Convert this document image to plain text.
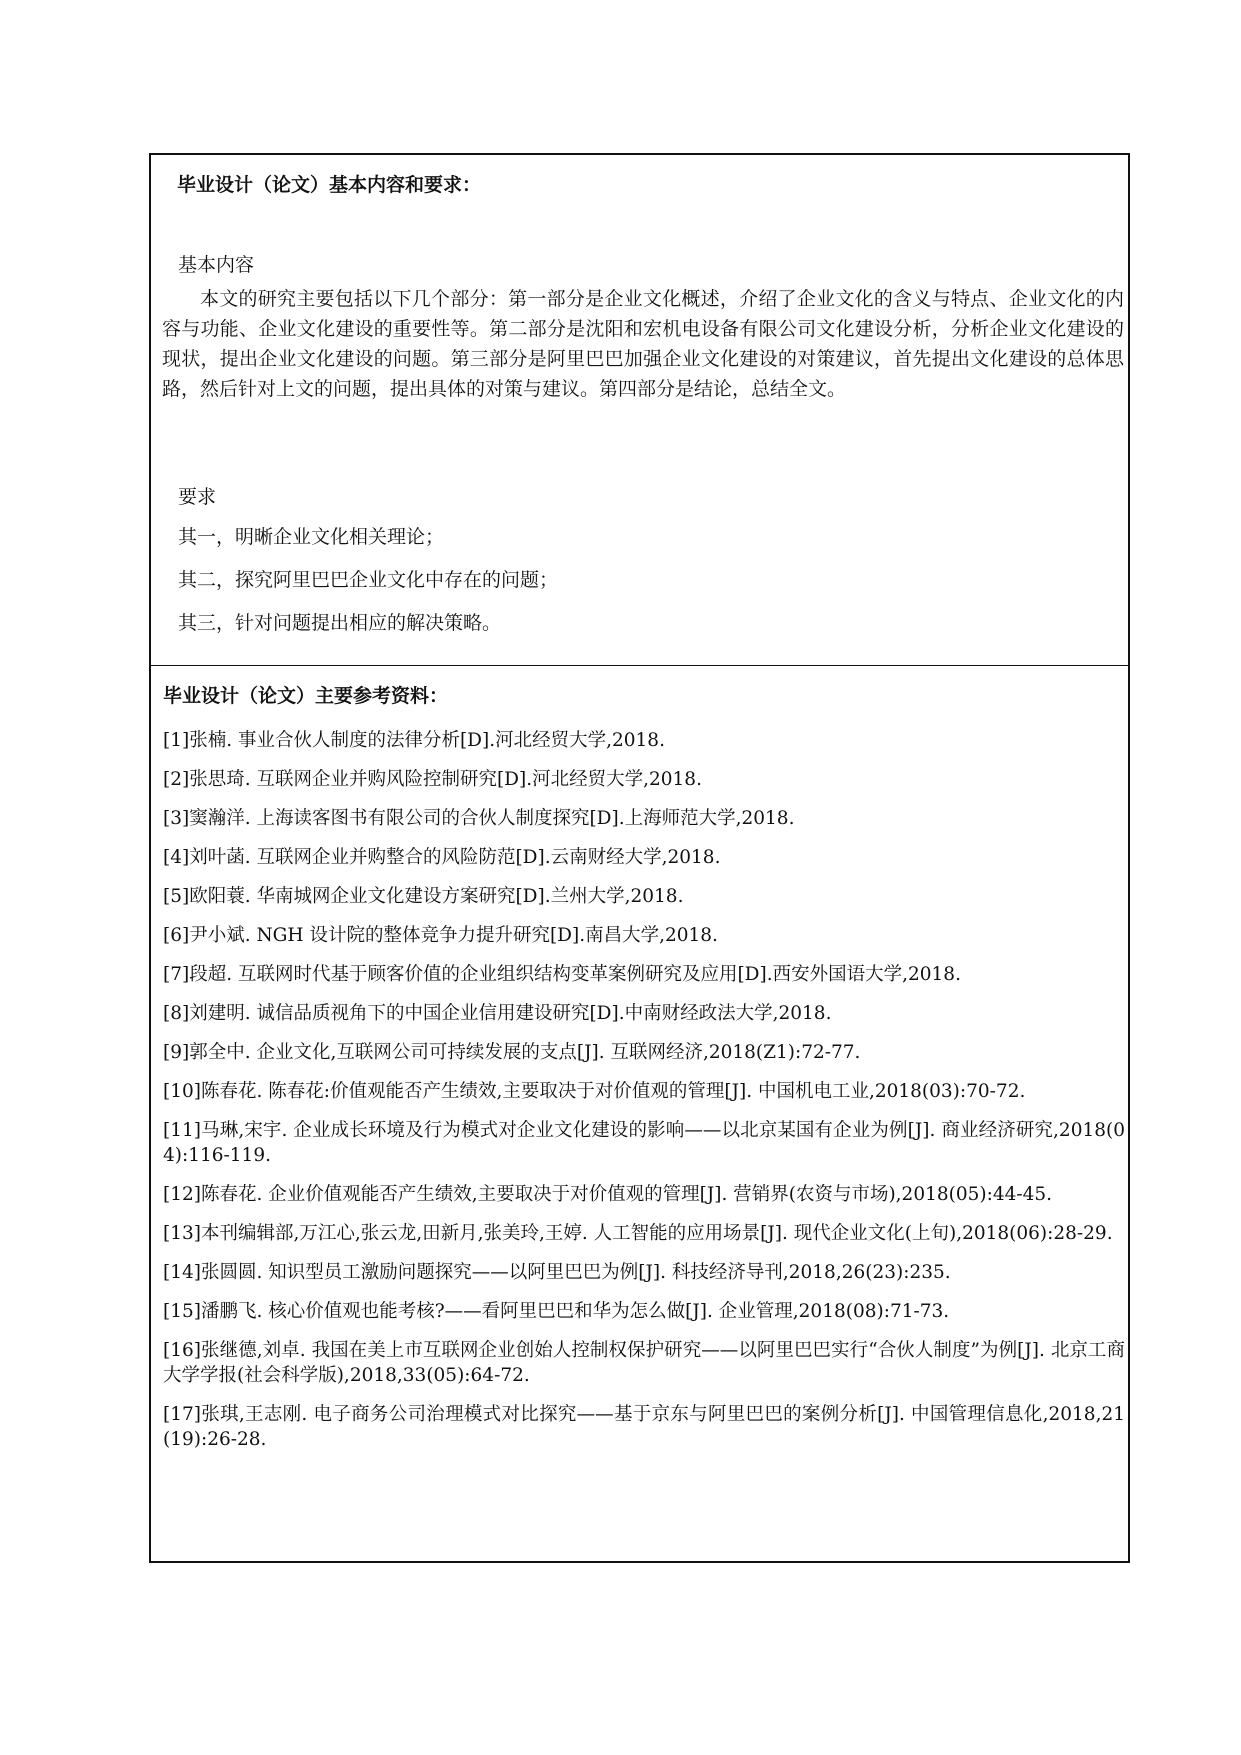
毕业设计（论文）基本内容和要求：
基本内容

本文的研究主要包括以下几个部分：第一部分是企业文化概述，介绍了企业文化的含义与特点、企业文化的内容与功能、企业文化建设的重要性等。第二部分是沈阳和宏机电设备有限公司文化建设分析，分析企业文化建设的现状，提出企业文化建设的问题。第三部分是阿里巴巴加强企业文化建设的对策建议，首先提出文化建设的总体思路，然后针对上文的问题，提出具体的对策与建议。第四部分是结论，总结全文。

要求
其一，明晰企业文化相关理论；
其二，探究阿里巴巴企业文化中存在的问题；
其三，针对问题提出相应的解决策略。
毕业设计（论文）主要参考资料：
[1]张楠. 事业合伙人制度的法律分析[D].河北经贸大学,2018.
[2]张思琦. 互联网企业并购风险控制研究[D].河北经贸大学,2018.
[3]窦瀚洋. 上海读客图书有限公司的合伙人制度探究[D].上海师范大学,2018.
[4]刘叶菡. 互联网企业并购整合的风险防范[D].云南财经大学,2018.
[5]欧阳蓑. 华南城网企业文化建设方案研究[D].兰州大学,2018.
[6]尹小斌. NGH 设计院的整体竞争力提升研究[D].南昌大学,2018.
[7]段超. 互联网时代基于顾客价值的企业组织结构变革案例研究及应用[D].西安外国语大学,2018.
[8]刘建明. 诚信品质视角下的中国企业信用建设研究[D].中南财经政法大学,2018.
[9]郭全中. 企业文化,互联网公司可持续发展的支点[J]. 互联网经济,2018(Z1):72-77.
[10]陈春花. 陈春花:价值观能否产生绩效,主要取决于对价值观的管理[J]. 中国机电工业,2018(03):70-72.
[11]马琳,宋宇. 企业成长环境及行为模式对企业文化建设的影响——以北京某国有企业为例[J]. 商业经济研究,2018(04):116-119.
[12]陈春花. 企业价值观能否产生绩效,主要取决于对价值观的管理[J]. 营销界(农资与市场),2018(05):44-45.
[13]本刊编辑部,万江心,张云龙,田新月,张美玲,王婷. 人工智能的应用场景[J]. 现代企业文化(上旬),2018(06):28-29.
[14]张圆圆. 知识型员工激励问题探究——以阿里巴巴为例[J]. 科技经济导刊,2018,26(23):235.
[15]潘鹏飞. 核心价值观也能考核?——看阿里巴巴和华为怎么做[J]. 企业管理,2018(08):71-73.
[16]张继德,刘卓. 我国在美上市互联网企业创始人控制权保护研究——以阿里巴巴实行“合伙人制度”为例[J]. 北京工商大学学报(社会科学版),2018,33(05):64-72.
[17]张琪,王志刚. 电子商务公司治理模式对比探究——基于京东与阿里巴巴的案例分析[J]. 中国管理信息化,2018,21(19):26-28.
